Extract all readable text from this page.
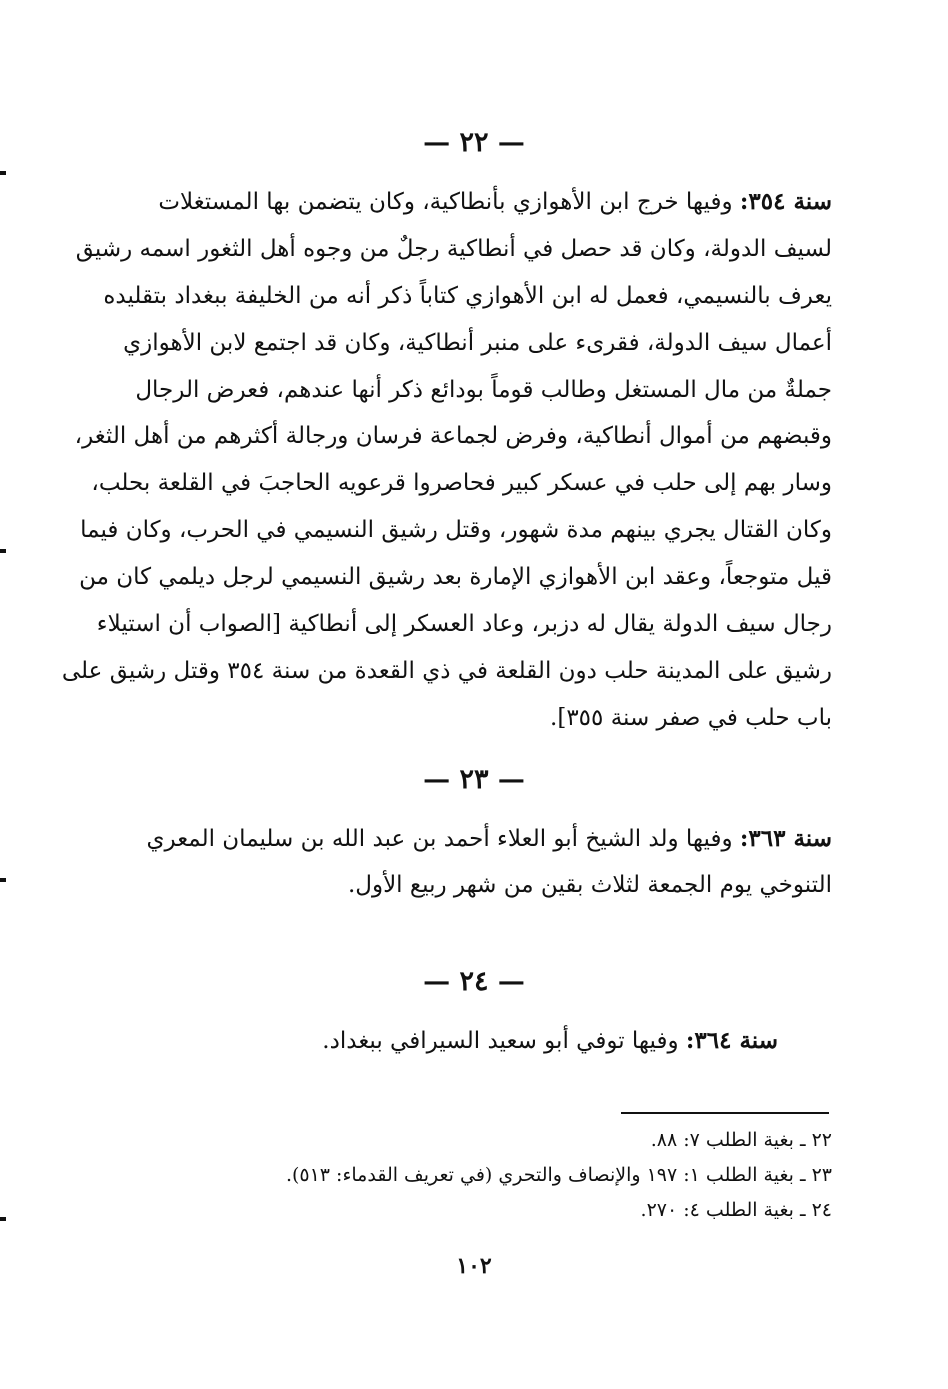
— ٢٢ —
سنة ٣٥٤: وفيها خرج ابن الأهوازي بأنطاكية، وكان يتضمن بها المستغلات
لسيف الدولة، وكان قد حصل في أنطاكية رجلٌ من وجوه أهل الثغور اسمه رشيق
يعرف بالنسيمي، فعمل له ابن الأهوازي كتاباً ذكر أنه من الخليفة ببغداد بتقليده
أعمال سيف الدولة، فقرىء على منبر أنطاكية، وكان قد اجتمع لابن الأهوازي
جملةٌ من مال المستغل وطالب قوماً بودائع ذكر أنها عندهم، فعرض الرجال
وقبضهم من أموال أنطاكية، وفرض لجماعة فرسان ورجالة أكثرهم من أهل الثغر،
وسار بهم إلى حلب في عسكر كبير فحاصروا قرعويه الحاجبَ في القلعة بحلب،
وكان القتال يجري بينهم مدة شهور، وقتل رشيق النسيمي في الحرب، وكان فيما
قيل متوجعاً، وعقد ابن الأهوازي الإمارة بعد رشيق النسيمي لرجل ديلمي كان من
رجال سيف الدولة يقال له دزبر، وعاد العسكر إلى أنطاكية [الصواب أن استيلاء
رشيق على المدينة حلب دون القلعة في ذي القعدة من سنة ٣٥٤ وقتل رشيق على
باب حلب في صفر سنة ٣٥٥].
— ٢٣ —
سنة ٣٦٣: وفيها ولد الشيخ أبو العلاء أحمد بن عبد الله بن سليمان المعري
التنوخي يوم الجمعة لثلاث بقين من شهر ربيع الأول.
— ٢٤ —
سنة ٣٦٤: وفيها توفي أبو سعيد السيرافي ببغداد.
٢٢ ـ بغية الطلب ٧: ٨٨.
٢٣ ـ بغية الطلب ١: ١٩٧ والإنصاف والتحري (في تعريف القدماء: ٥١٣).
٢٤ ـ بغية الطلب ٤: ٢٧٠.
١٠٢
